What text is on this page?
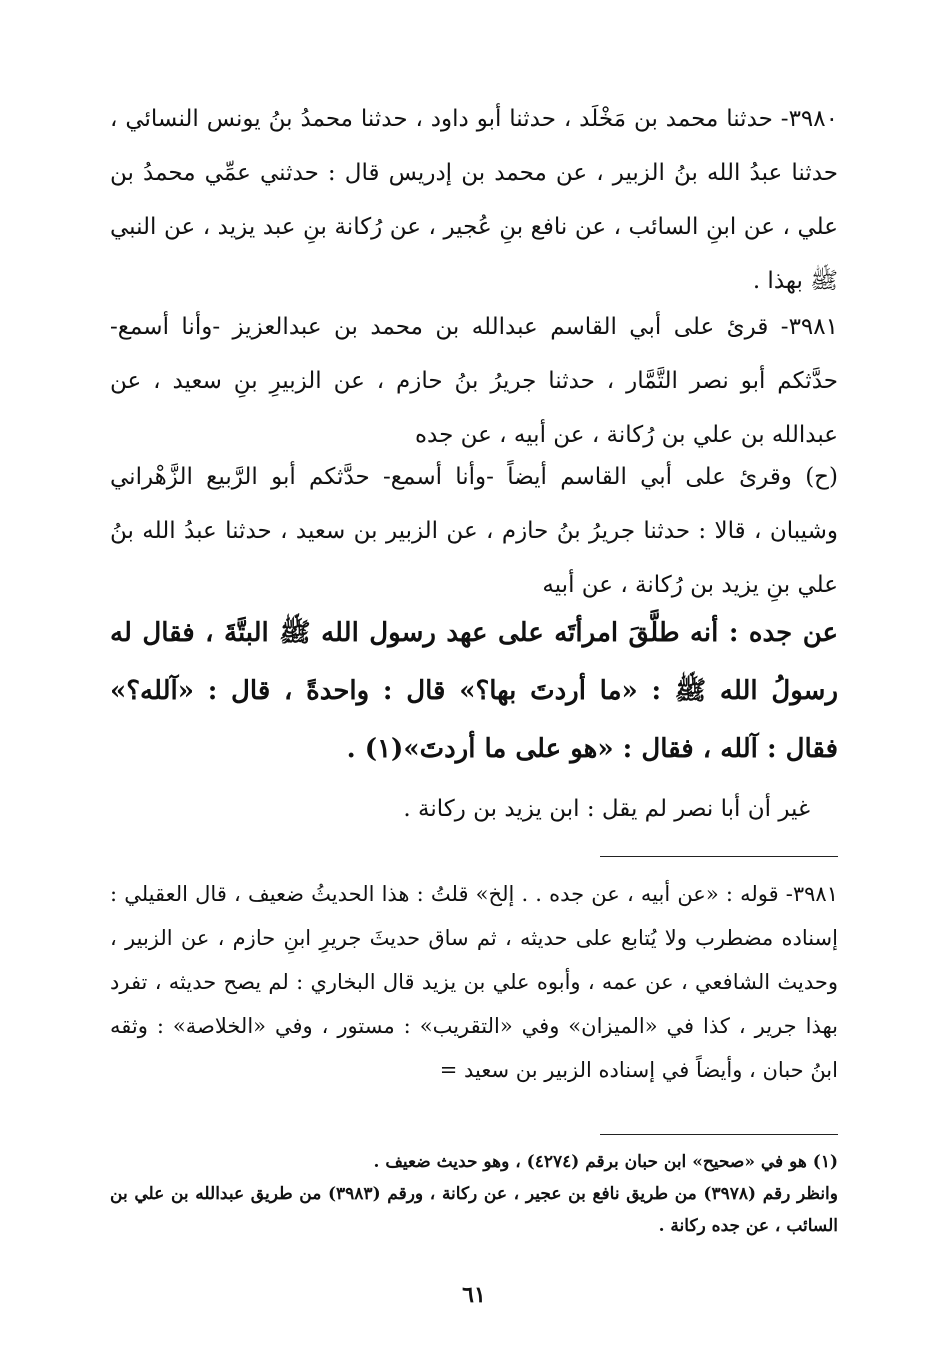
٣٩٨٠- حدثنا محمد بن مَخْلَد ، حدثنا أبو داود ، حدثنا محمدُ بنُ يونس النسائي ، حدثنا عبدُ الله بنُ الزبير ، عن محمد بن إدريس قال : حدثني عمِّي محمدُ بن علي ، عن ابنِ السائب ، عن نافع بنِ عُجير ، عن رُكانة بنِ عبد يزيد ، عن النبي ﷺ بهذا .

٣٩٨١- قرئ على أبي القاسم عبدالله بن محمد بن عبدالعزيز -وأنا أسمع- حدَّثكم أبو نصر التَّمَّار ، حدثنا جريرُ بنُ حازم ، عن الزبيرِ بنِ سعيد ، عن عبدالله بن علي بن رُكانة ، عن أبيه ، عن جده

(ح) وقرئ على أبي القاسم أيضاً -وأنا أسمع- حدَّثكم أبو الرَّبيع الزَّهْراني وشيبان ، قالا : حدثنا جريرُ بنُ حازم ، عن الزبير بن سعيد ، حدثنا عبدُ الله بنُ علي بنِ يزيد بن رُكانة ، عن أبيه

عن جده : أنه طلَّقَ امرأتَه على عهد رسول الله ﷺ البتَّةَ ، فقال له رسولُ الله ﷺ : «ما أردتَ بها؟» قال : واحدةً ، قال : «آلله؟» فقال : آلله ، فقال : «هو على ما أردتَ»(١) .

غير أن أبا نصر لم يقل : ابن يزيد بن ركانة .

٣٩٨١- قوله : «عن أبيه ، عن جده . . إلخ» قلتُ : هذا الحديثُ ضعيف ، قال العقيلي : إسناده مضطرب ولا يُتابع على حديثه ، ثم ساق حديثَ جريرِ ابنِ حازم ، عن الزبير ، وحديث الشافعي ، عن عمه ، وأبوه علي بن يزيد قال البخاري : لم يصح حديثه ، تفرد بهذا جرير ، كذا في «الميزان» وفي «التقريب» : مستور ، وفي «الخلاصة» : وثقه ابنُ حبان ، وأيضاً في إسناده الزبير بن سعيد =

(١) هو في «صحيح» ابن حبان برقم (٤٢٧٤) ، وهو حديث ضعيف .

وانظر رقم (٣٩٧٨) من طريق نافع بن عجير ، عن ركانة ، ورقم (٣٩٨٣) من طريق عبدالله بن علي بن السائب ، عن جده ركانة .

٦١
